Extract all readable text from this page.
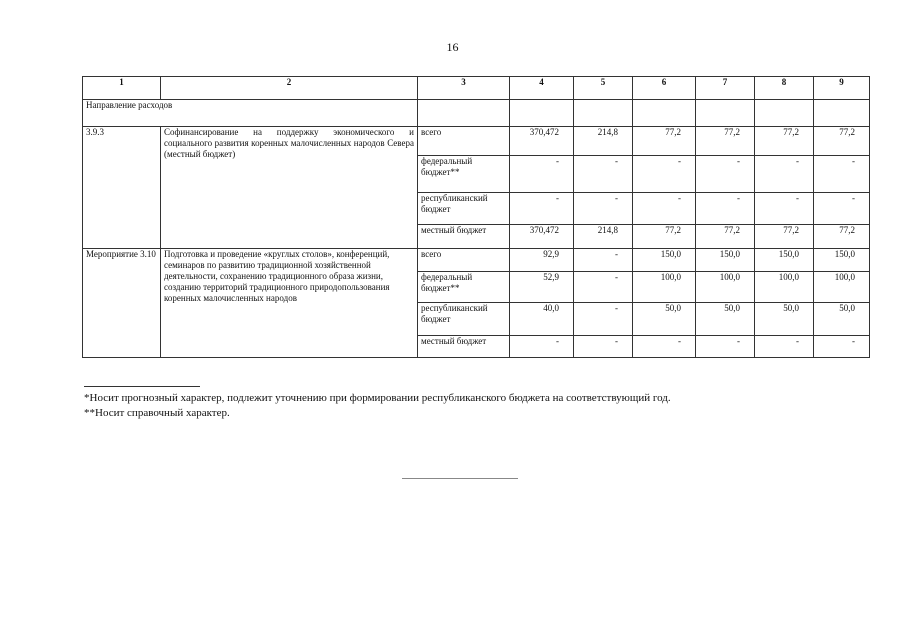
16
1	2	3	4	5	6	7	8	9
Направление расходов								
3.9.3	Софинансирование на поддержку экономического и социального развития коренных малочисленных народов Севера (местный бюджет)	всего	370,472	214,8	77,2	77,2	77,2	77,2
		федеральный бюджет**	-	-	-	-	-	-
		республиканский бюджет	-	-	-	-	-	-
		местный бюджет	370,472	214,8	77,2	77,2	77,2	77,2
Мероприятие 3.10	Подготовка и проведение «круглых столов», конференций, семинаров по развитию традиционной хозяйственной деятельности, сохранению традиционного образа жизни, созданию территорий традиционного природопользования коренных малочисленных народов	всего	92,9	-	150,0	150,0	150,0	150,0
		федеральный бюджет**	52,9	-	100,0	100,0	100,0	100,0
		республиканский бюджет	40,0	-	50,0	50,0	50,0	50,0
		местный бюджет	-	-	-	-	-	-

*Носит прогнозный характер, подлежит уточнению при формировании республиканского бюджета на соответствующий год.

**Носит справочный характер.
